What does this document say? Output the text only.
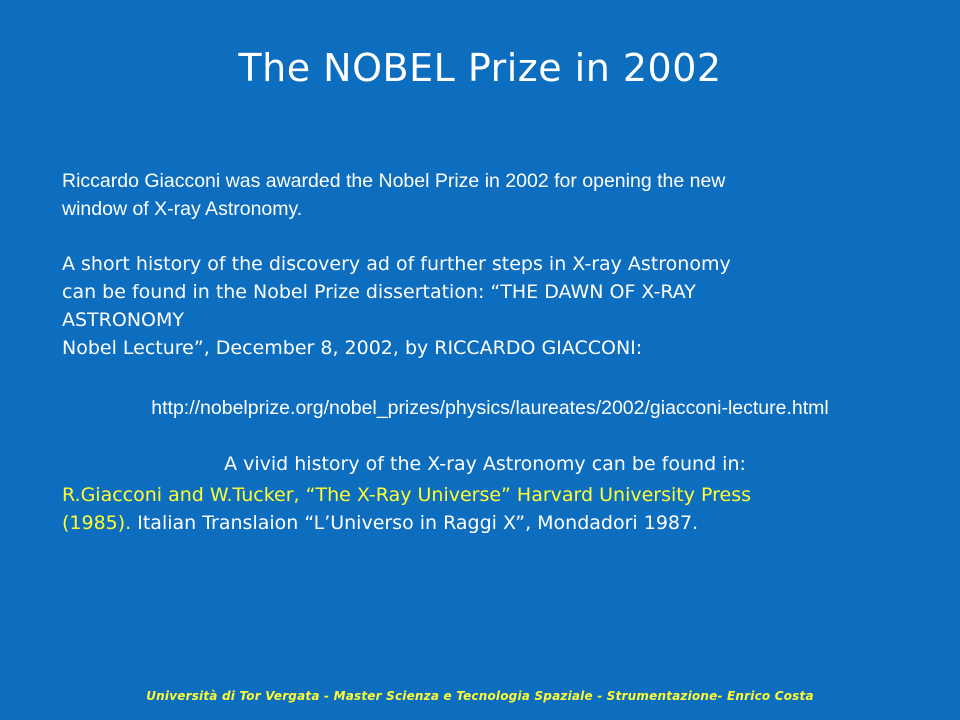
The NOBEL Prize in 2002
Riccardo Giacconi was awarded the Nobel Prize in 2002 for opening the new
window of X-ray Astronomy.
A short history of the discovery ad of further steps in X-ray Astronomy
can be found in the Nobel Prize dissertation: “THE DAWN OF X-RAY
ASTRONOMY
Nobel Lecture”, December 8, 2002, by RICCARDO GIACCONI:
http://nobelprize.org/nobel_prizes/physics/laureates/2002/giacconi-lecture.html
A vivid history of the X-ray Astronomy can be found in:
R.Giacconi and W.Tucker, “The X-Ray Universe” Harvard University Press
(1985). Italian Translaion “L’Universo in Raggi X”, Mondadori 1987.
Università di Tor Vergata - Master Scienza e Tecnologia Spaziale - Strumentazione- Enrico Costa
